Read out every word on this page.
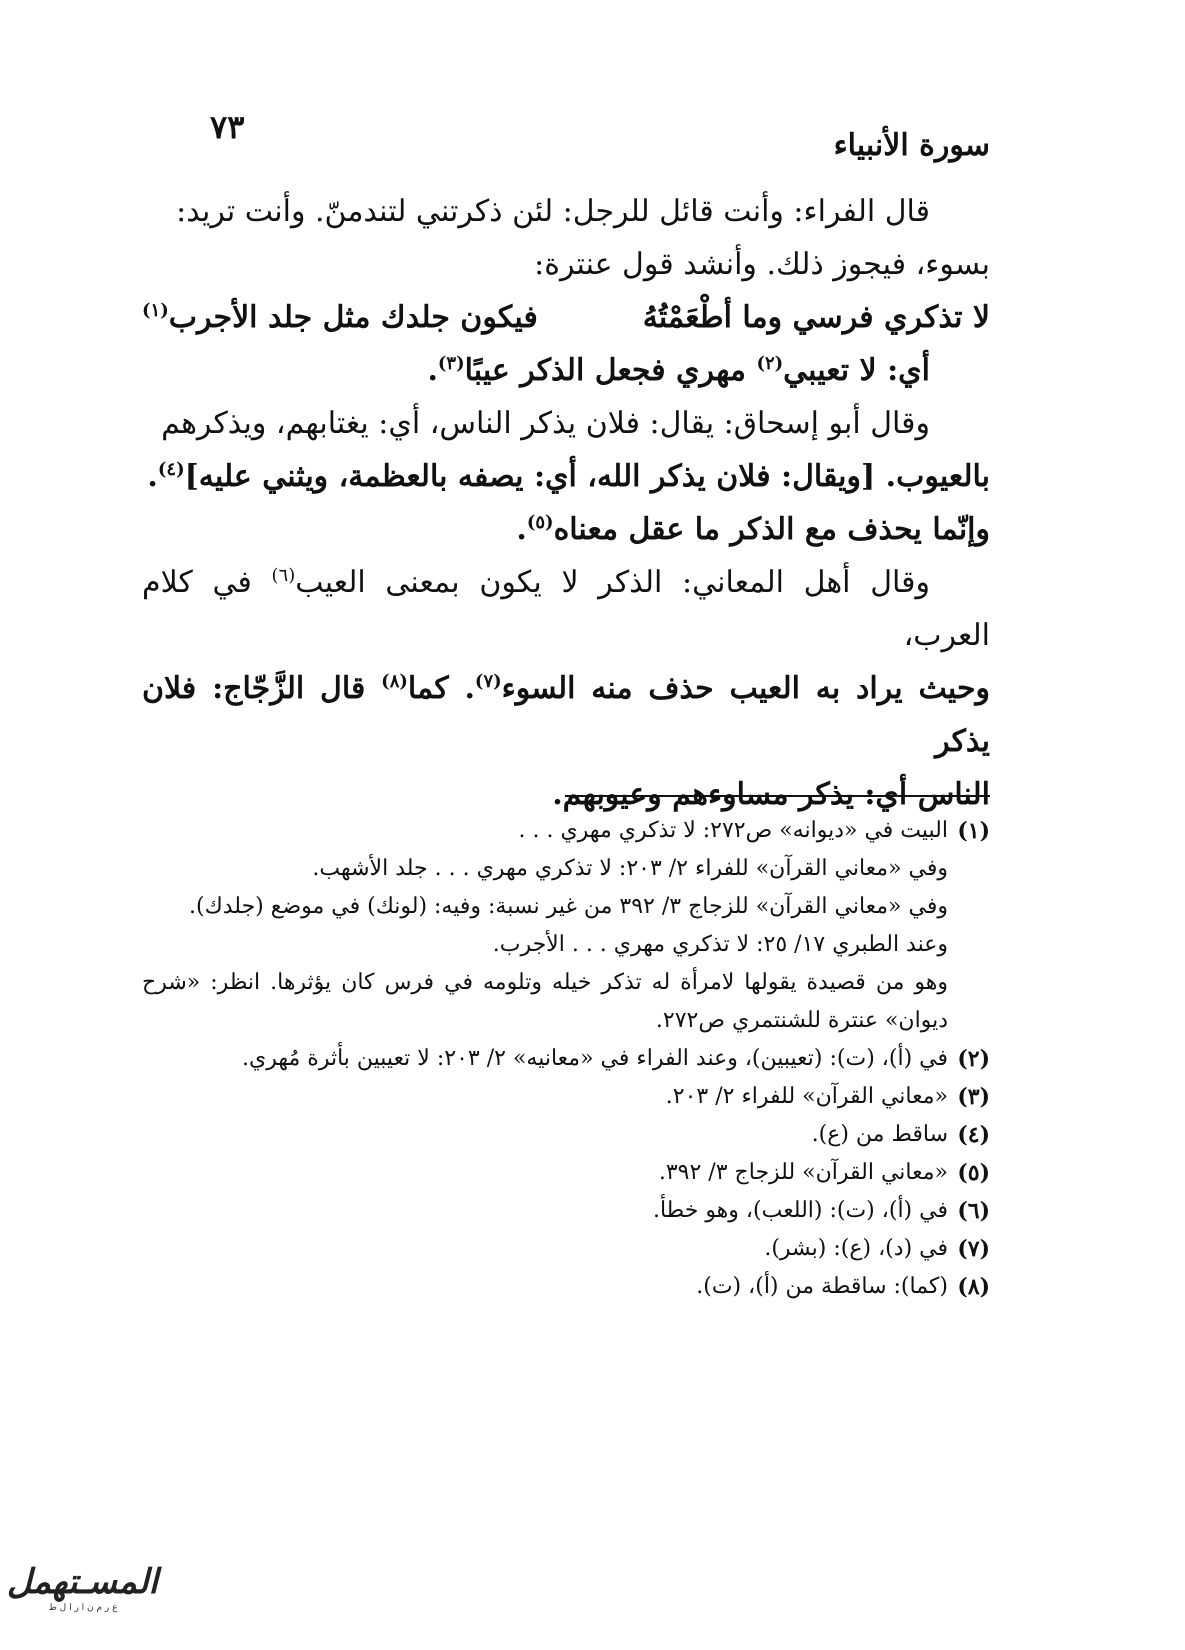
٧٣	سورة الأنبياء

قال الفراء: وأنت قائل للرجل: لئن ذكرتني لتندمنّ. وأنت تريد:

بسوء، فيجوز ذلك. وأنشد قول عنترة:

لا تذكري فرسي وما أطْعَمْتُهُ
فيكون جلدك مثل جلد الأجرب$^{(١)}$

أي: لا تعيبي$^{(٢)}$ مهري فجعل الذكر عيبًا$^{(٣)}$.

وقال أبو إسحاق: يقال: فلان يذكر الناس، أي: يغتابهم، ويذكرهم

بالعيوب. [ويقال: فلان يذكر الله، أي: يصفه بالعظمة، ويثني عليه]$^{(٤)}$.

وإنّما يحذف مع الذكر ما عقل معناه$^{(٥)}$.

وقال أهل المعاني: الذكر لا يكون بمعنى العيب$^{(٦)}$ في كلام العرب،

وحيث يراد به العيب حذف منه السوء$^{(٧)}$. كما$^{(٨)}$ قال الزَّجّاج: فلان يذكر

الناس أي: يذكر مساوءهم وعيوبهم.

(١)

البيت في «ديوانه» ص٢٧٢: لا تذكري مهري . . .

وفي «معاني القرآن» للفراء ٢/ ٢٠٣: لا تذكري مهري . . . جلد الأشهب.

وفي «معاني القرآن» للزجاج ٣/ ٣٩٢ من غير نسبة: وفيه: (لونك) في موضع (جلدك).

وعند الطبري ١٧/ ٢٥: لا تذكري مهري . . . الأجرب.

وهو من قصيدة يقولها لامرأة له تذكر خيله وتلومه في فرس كان يؤثرها. انظر: «شرح ديوان» عنترة للشنتمري ص٢٧٢.

(٢)

في (أ)، (ت): (تعيبين)، وعند الفراء في «معانيه» ٢/ ٢٠٣: لا تعيبين بأثرة مُهري.

(٣)

«معاني القرآن» للفراء ٢/ ٢٠٣.

(٤)

ساقط من (ع).

(٥)

«معاني القرآن» للزجاج ٣/ ٣٩٢.

(٦)

في (أ)، (ت): (اللعب)، وهو خطأ.

(٧)

في (د)، (ع): (بشر).

(٨)

(كما): ساقطة من (أ)، (ت).

المسـتهمل
غ ر م ن ا ر ا ل ط
